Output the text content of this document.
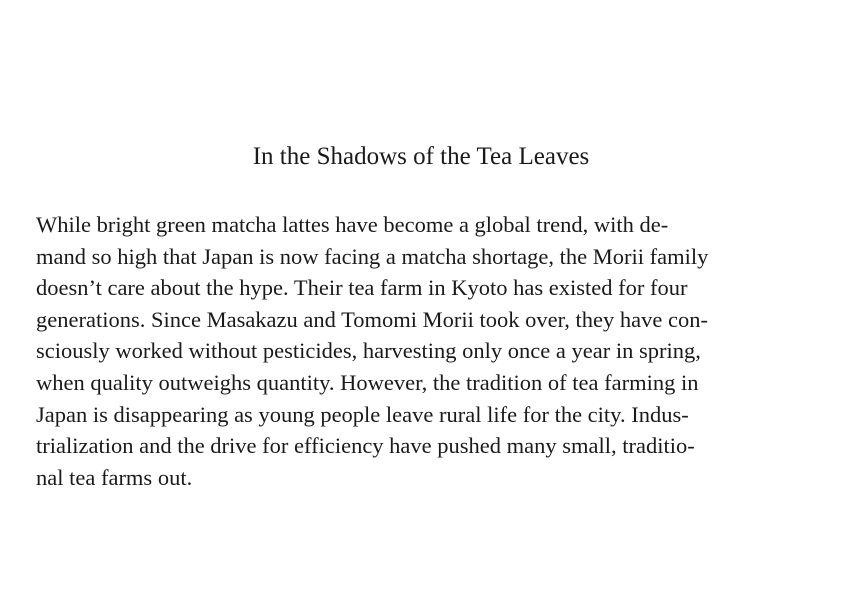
In the Shadows of the Tea Leaves
While bright green matcha lattes have become a global trend, with de-
mand so high that Japan is now facing a matcha shortage, the Morii family
doesn’t care about the hype. Their tea farm in Kyoto has existed for four
generations. Since Masakazu and Tomomi Morii took over, they have con-
sciously worked without pesticides, harvesting only once a year in spring,
when quality outweighs quantity. However, the tradition of tea farming in
Japan is disappearing as young people leave rural life for the city. Indus-
trialization and the drive for efficiency have pushed many small, traditio-
nal tea farms out.
